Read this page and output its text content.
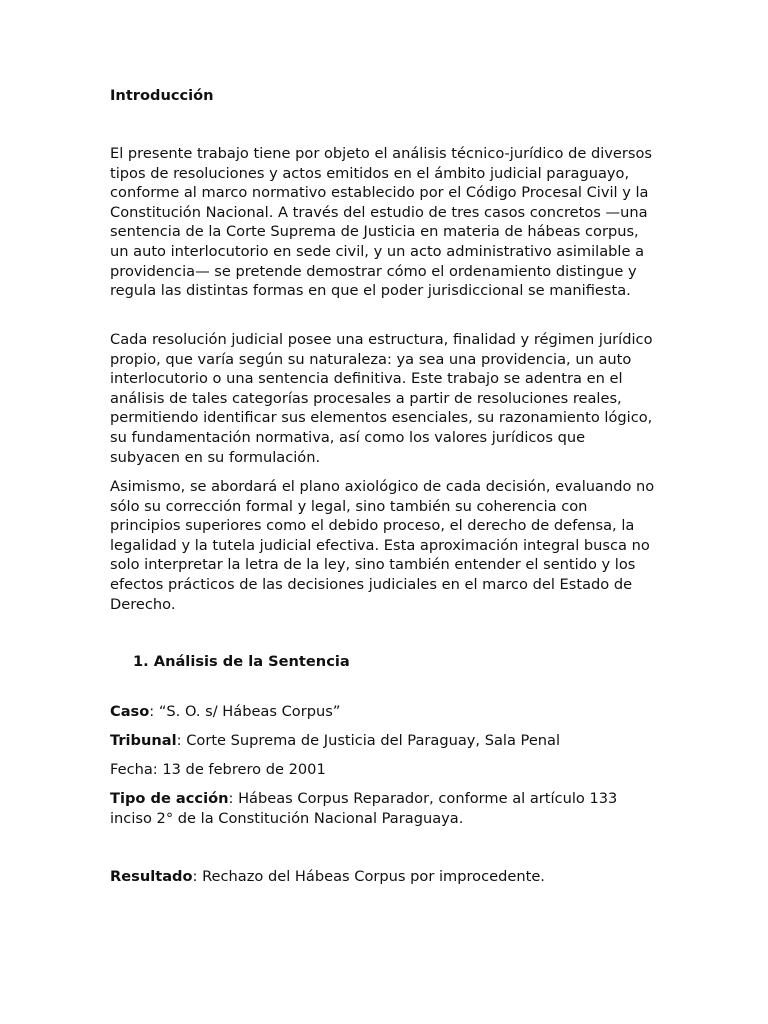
Introducción

El presente trabajo tiene por objeto el análisis técnico-jurídico de diversos tipos de resoluciones y actos emitidos en el ámbito judicial paraguayo, conforme al marco normativo establecido por el Código Procesal Civil y la Constitución Nacional. A través del estudio de tres casos concretos —una sentencia de la Corte Suprema de Justicia en materia de hábeas corpus, un auto interlocutorio en sede civil, y un acto administrativo asimilable a providencia— se pretende demostrar cómo el ordenamiento distingue y regula las distintas formas en que el poder jurisdiccional se manifiesta.

Cada resolución judicial posee una estructura, finalidad y régimen jurídico propio, que varía según su naturaleza: ya sea una providencia, un auto interlocutorio o una sentencia definitiva. Este trabajo se adentra en el análisis de tales categorías procesales a partir de resoluciones reales, permitiendo identificar sus elementos esenciales, su razonamiento lógico, su fundamentación normativa, así como los valores jurídicos que subyacen en su formulación.

Asimismo, se abordará el plano axiológico de cada decisión, evaluando no sólo su corrección formal y legal, sino también su coherencia con principios superiores como el debido proceso, el derecho de defensa, la legalidad y la tutela judicial efectiva. Esta aproximación integral busca no solo interpretar la letra de la ley, sino también entender el sentido y los efectos prácticos de las decisiones judiciales en el marco del Estado de Derecho.

1. Análisis de la Sentencia

Caso: “S. O. s/ Hábeas Corpus”

Tribunal: Corte Suprema de Justicia del Paraguay, Sala Penal

Fecha: 13 de febrero de 2001

Tipo de acción: Hábeas Corpus Reparador, conforme al artículo 133 inciso 2° de la Constitución Nacional Paraguaya.

Resultado: Rechazo del Hábeas Corpus por improcedente.
